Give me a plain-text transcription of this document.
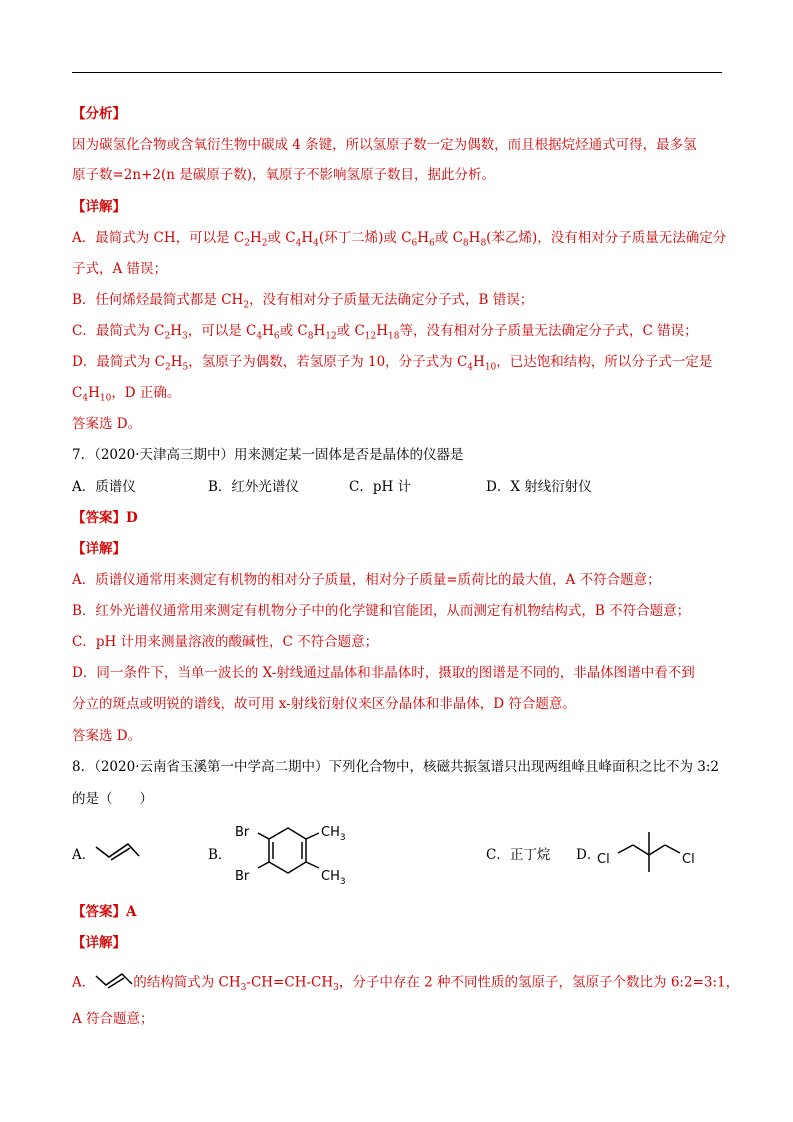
【分析】
因为碳氢化合物或含氧衍生物中碳成 4 条键，所以氢原子数一定为偶数，而且根据烷烃通式可得，最多氢
原子数=2n+2(n 是碳原子数)，氧原子不影响氢原子数目，据此分析。
【详解】
A．最简式为 CH，可以是 $C_2H_2$或 $C_4H_4$(环丁二烯)或 $C_6H_6$或 $C_8H_8$(苯乙烯)，没有相对分子质量无法确定分
子式，A 错误；
B．任何烯烃最简式都是 $CH_2$，没有相对分子质量无法确定分子式，B 错误；
C．最简式为 $C_2H_3$，可以是 $C_4H_6$或 $C_8H_{12}$或 $C_{12}H_{18}$等，没有相对分子质量无法确定分子式，C 错误；
D．最简式为 $C_2H_5$，氢原子为偶数，若氢原子为 10，分子式为 $C_4H_{10}$，已达饱和结构，所以分子式一定是
$C_4H_{10}$，D 正确。
答案选 D。
7．（2020·天津高三期中）用来测定某一固体是否是晶体的仪器是
A．质谱仪	B．红外光谱仪	C．pH 计	D．X 射线衍射仪
【答案】D
【详解】
A．质谱仪通常用来测定有机物的相对分子质量，相对分子质量=质荷比的最大值，A 不符合题意；
B．红外光谱仪通常用来测定有机物分子中的化学键和官能团，从而测定有机物结构式，B 不符合题意；
C．pH 计用来测量溶液的酸碱性，C 不符合题意；
D．同一条件下，当单一波长的 X-射线通过晶体和非晶体时，摄取的图谱是不同的，非晶体图谱中看不到
分立的斑点或明锐的谱线，故可用 x-射线衍射仪来区分晶体和非晶体，D 符合题意。
答案选 D。
8．（2020·云南省玉溪第一中学高二期中）下列化合物中，核磁共振氢谱只出现两组峰且峰面积之比不为 3:2
的是（　　）
A．	B．
Br
Br
$CH_3$
$CH_3$
C．正丁烷 D．
Cl	Cl
【答案】A
【详解】
A．	的结构简式为 $CH_3-CH=CH-CH_3$，分子中存在 2 种不同性质的氢原子，氢原子个数比为 6:2=3:1，
A 符合题意；
